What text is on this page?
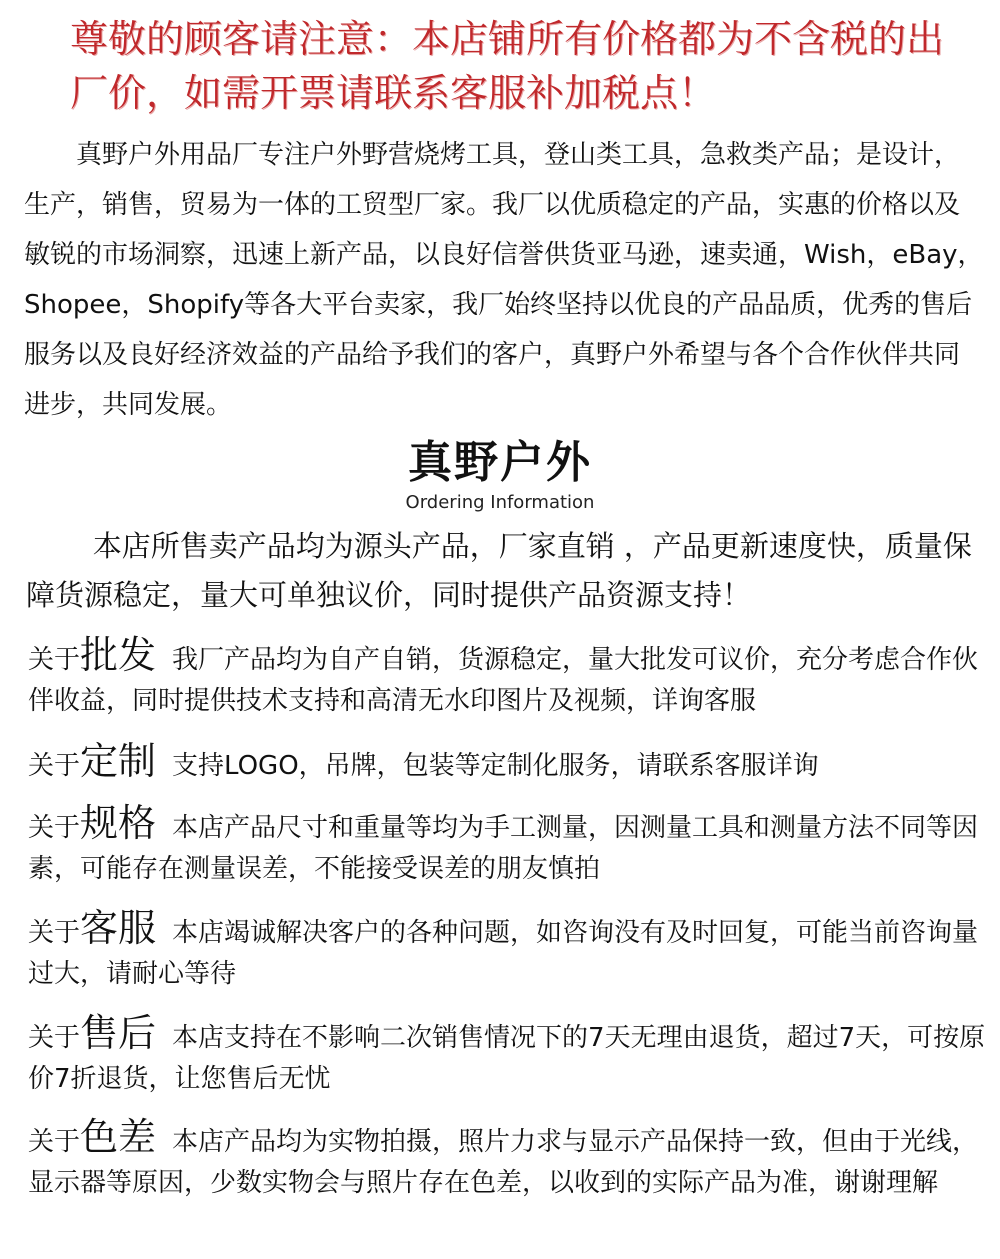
尊敬的顾客请注意：本店铺所有价格都为不含税的出厂价，如需开票请联系客服补加税点！
真野户外用品厂专注户外野营烧烤工具，登山类工具，急救类产品；是设计，生产，销售，贸易为一体的工贸型厂家。我厂以优质稳定的产品，实惠的价格以及敏锐的市场洞察，迅速上新产品，以良好信誉供货亚马逊，速卖通，Wish，eBay，Shopee，Shopify等各大平台卖家，我厂始终坚持以优良的产品品质，优秀的售后服务以及良好经济效益的产品给予我们的客户，真野户外希望与各个合作伙伴共同进步，共同发展。
真野户外
Ordering Information
本店所售卖产品均为源头产品，厂家直销 ，产品更新速度快，质量保障货源稳定，量大可单独议价，同时提供产品资源支持！
关于批发 我厂产品均为自产自销，货源稳定，量大批发可议价，充分考虑合作伙伴收益，同时提供技术支持和高清无水印图片及视频，详询客服
关于定制 支持LOGO，吊牌，包装等定制化服务，请联系客服详询
关于规格 本店产品尺寸和重量等均为手工测量，因测量工具和测量方法不同等因素，可能存在测量误差，不能接受误差的朋友慎拍
关于客服 本店竭诚解决客户的各种问题，如咨询没有及时回复，可能当前咨询量过大，请耐心等待
关于售后 本店支持在不影响二次销售情况下的7天无理由退货，超过7天，可按原价7折退货，让您售后无忧
关于色差 本店产品均为实物拍摄，照片力求与显示产品保持一致，但由于光线，显示器等原因，少数实物会与照片存在色差，以收到的实际产品为准，谢谢理解
